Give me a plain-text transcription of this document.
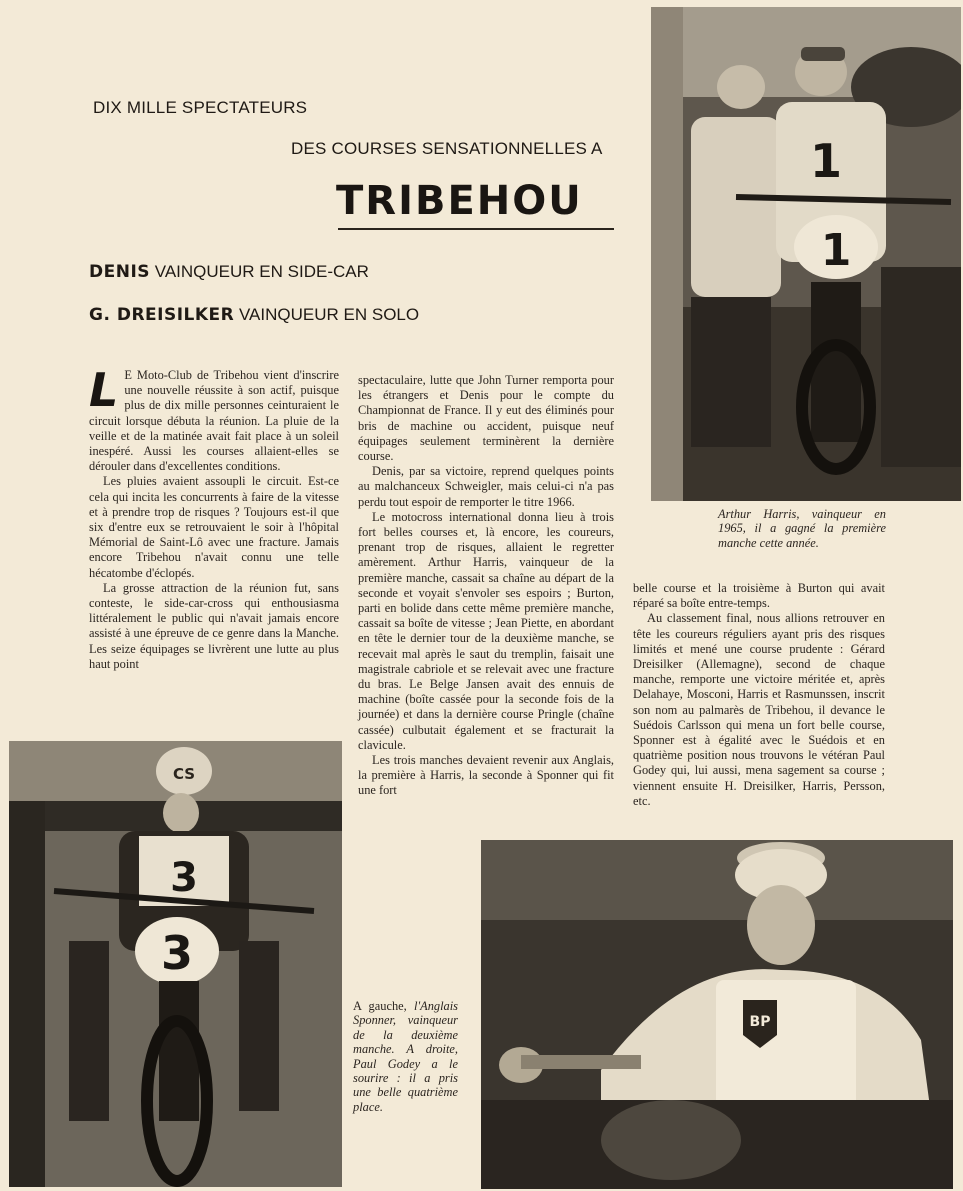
1
1
Arthur Harris, vainqueur en 1965, il a gagné la première manche cette année.
DIX MILLE SPECTATEURS
DES COURSES SENSATIONNELLES A
TRIBEHOU
DENIS VAINQUEUR EN SIDE-CAR
G. DREISILKER VAINQUEUR EN SOLO

L E Moto-Club de Tribehou vient d'inscrire une nouvelle réussite à son actif, puisque plus de dix mille personnes ceinturaient le circuit lorsque débuta la réunion. La pluie de la veille et de la matinée avait fait place à un soleil inespéré. Aussi les courses allaient-elles se dérouler dans d'excellentes conditions.

Les pluies avaient assoupli le circuit. Est-ce cela qui incita les concurrents à faire de la vitesse et à prendre trop de risques ? Toujours est-il que six d'entre eux se retrouvaient le soir à l'hôpital Mémorial de Saint-Lô avec une fracture. Jamais encore Tribehou n'avait connu une telle hécatombe d'éclopés.

La grosse attraction de la réunion fut, sans conteste, le side-car-cross qui enthousiasma littéralement le public qui n'avait jamais encore assisté à une épreuve de ce genre dans la Manche. Les seize équipages se livrèrent une lutte au plus haut point

spectaculaire, lutte que John Turner remporta pour les étrangers et Denis pour le compte du Championnat de France. Il y eut des éliminés pour bris de machine ou accident, puisque neuf équipages seulement terminèrent la dernière course.

Denis, par sa victoire, reprend quelques points au malchanceux Schweigler, mais celui-ci n'a pas perdu tout espoir de remporter le titre 1966.

Le motocross international donna lieu à trois fort belles courses et, là encore, les coureurs, prenant trop de risques, allaient le regretter amèrement. Arthur Harris, vainqueur de la première manche, cassait sa chaîne au départ de la seconde et voyait s'envoler ses espoirs ; Burton, parti en bolide dans cette même première manche, cassait sa boîte de vitesse ; Jean Piette, en abordant en tête le dernier tour de la deuxième manche, se recevait mal après le saut du tremplin, faisait une magistrale cabriole et se relevait avec une fracture du bras. Le Belge Jansen avait des ennuis de machine (boîte cassée pour la seconde fois de la journée) et dans la dernière course Pringle (chaîne cassée) culbutait également et se fracturait la clavicule.

Les trois manches devaient revenir aux Anglais, la première à Harris, la seconde à Sponner qui fit une fort

belle course et la troisième à Burton qui avait réparé sa boîte entre-temps.

Au classement final, nous allions retrouver en tête les coureurs réguliers ayant pris des risques limités et mené une course prudente : Gérard Dreisilker (Allemagne), second de chaque manche, remporte une victoire méritée et, après Delahaye, Mosconi, Harris et Rasmunssen, inscrit son nom au palmarès de Tribehou, il devance le Suédois Carlsson qui mena un fort belle course, Sponner est à égalité avec le Suédois et en quatrième position nous trouvons le vétéran Paul Godey qui, lui aussi, mena sagement sa course ; viennent ensuite H. Dreisilker, Harris, Persson, etc.

CS
3
3
A gauche, l'Anglais Sponner, vainqueur de la deuxième manche. A droite, Paul Godey a le sourire : il a pris une belle quatrième place.
BP
